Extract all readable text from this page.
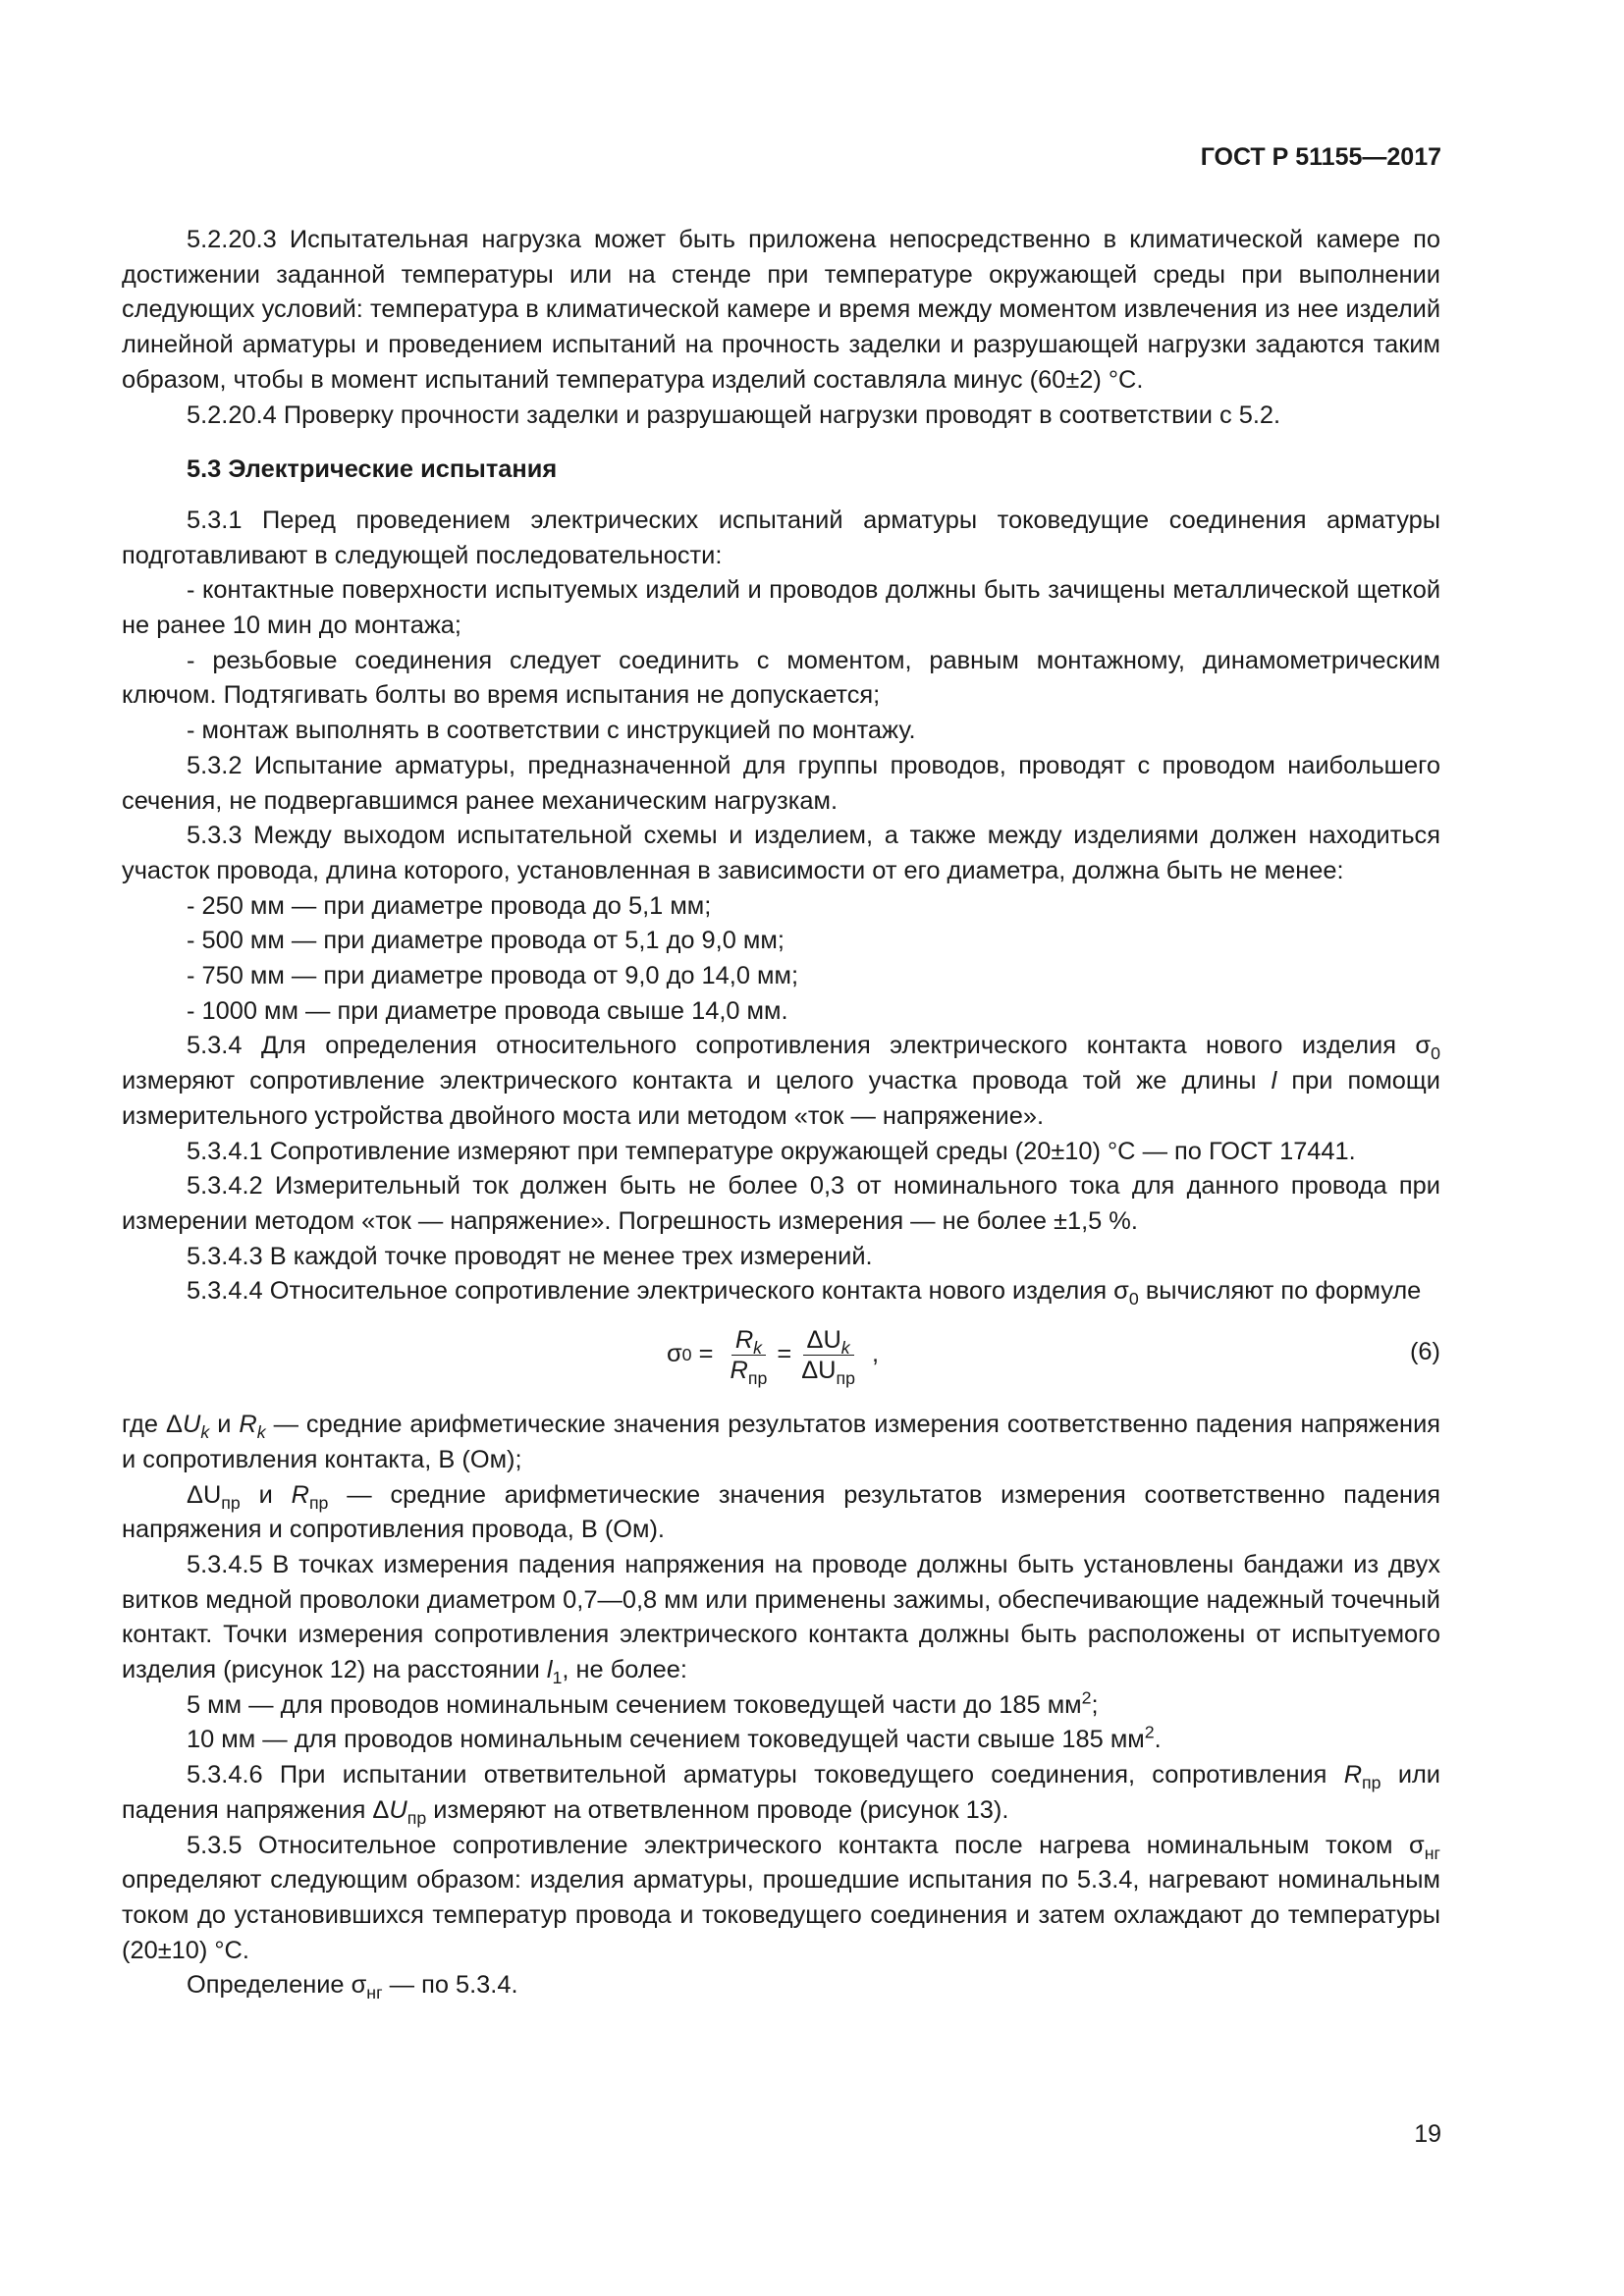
ГОСТ Р 51155—2017

5.2.20.3 Испытательная нагрузка может быть приложена непосредственно в климатической камере по достижении заданной температуры или на стенде при температуре окружающей среды при выполнении следующих условий: температура в климатической камере и время между моментом извлечения из нее изделий линейной арматуры и проведением испытаний на прочность заделки и разрушающей нагрузки задаются таким образом, чтобы в момент испытаний температура изделий составляла минус (60±2) °С.

5.2.20.4 Проверку прочности заделки и разрушающей нагрузки проводят в соответствии с 5.2.

5.3 Электрические испытания

5.3.1 Перед проведением электрических испытаний арматуры токоведущие соединения арматуры подготавливают в следующей последовательности:

- контактные поверхности испытуемых изделий и проводов должны быть зачищены металлической щеткой не ранее 10 мин до монтажа;

- резьбовые соединения следует соединить с моментом, равным монтажному, динамометрическим ключом. Подтягивать болты во время испытания не допускается;

- монтаж выполнять в соответствии с инструкцией по монтажу.

5.3.2 Испытание арматуры, предназначенной для группы проводов, проводят с проводом наибольшего сечения, не подвергавшимся ранее механическим нагрузкам.

5.3.3 Между выходом испытательной схемы и изделием, а также между изделиями должен находиться участок провода, длина которого, установленная в зависимости от его диаметра, должна быть не менее:

- 250 мм — при диаметре провода до 5,1 мм;

- 500 мм — при диаметре провода от 5,1 до 9,0 мм;

- 750 мм — при диаметре провода от 9,0 до 14,0 мм;

- 1000 мм — при диаметре провода свыше 14,0 мм.

5.3.4 Для определения относительного сопротивления электрического контакта нового изделия $\sigma_0$ измеряют сопротивление электрического контакта и целого участка провода той же длины l при помощи измерительного устройства двойного моста или методом «ток — напряжение».

5.3.4.1 Сопротивление измеряют при температуре окружающей среды (20±10) °С — по ГОСТ 17441.

5.3.4.2 Измерительный ток должен быть не более 0,3 от номинального тока для данного провода при измерении методом «ток — напряжение». Погрешность измерения — не более ±1,5 %.

5.3.4.3 В каждой точке проводят не менее трех измерений.

5.3.4.4 Относительное сопротивление электрического контакта нового изделия $\sigma_0$ вычисляют по формуле

σ $0 = \frac{R_k}{R_{пр}} = \frac{\Delta U_k}{\Delta U_{пр}}$ ,	(6)

где $\Delta U_k$ и $R_k$ — средние арифметические значения результатов измерения соответственно падения напряжения и сопротивления контакта, В (Ом);

$\Delta U_{пр}$ и $R_{пр}$ — средние арифметические значения результатов измерения соответственно падения напряжения и сопротивления провода, В (Ом).

5.3.4.5 В точках измерения падения напряжения на проводе должны быть установлены бандажи из двух витков медной проволоки диаметром 0,7—0,8 мм или применены зажимы, обеспечивающие надежный точечный контакт. Точки измерения сопротивления электрического контакта должны быть расположены от испытуемого изделия (рисунок 12) на расстоянии $l_1$, не более:

5 мм — для проводов номинальным сечением токоведущей части до 185 $мм^2$;

10 мм — для проводов номинальным сечением токоведущей части свыше 185 $мм^2$.

5.3.4.6 При испытании ответвительной арматуры токоведущего соединения, сопротивления $R_{пр}$ или падения напряжения $\Delta U_{пр}$ измеряют на ответвленном проводе (рисунок 13).

5.3.5 Относительное сопротивление электрического контакта после нагрева номинальным током $\sigma_{нг}$ определяют следующим образом: изделия арматуры, прошедшие испытания по 5.3.4, нагревают номинальным током до установившихся температур провода и токоведущего соединения и затем охлаждают до температуры (20±10) °С.

Определение $\sigma_{нг}$ — по 5.3.4.

19
